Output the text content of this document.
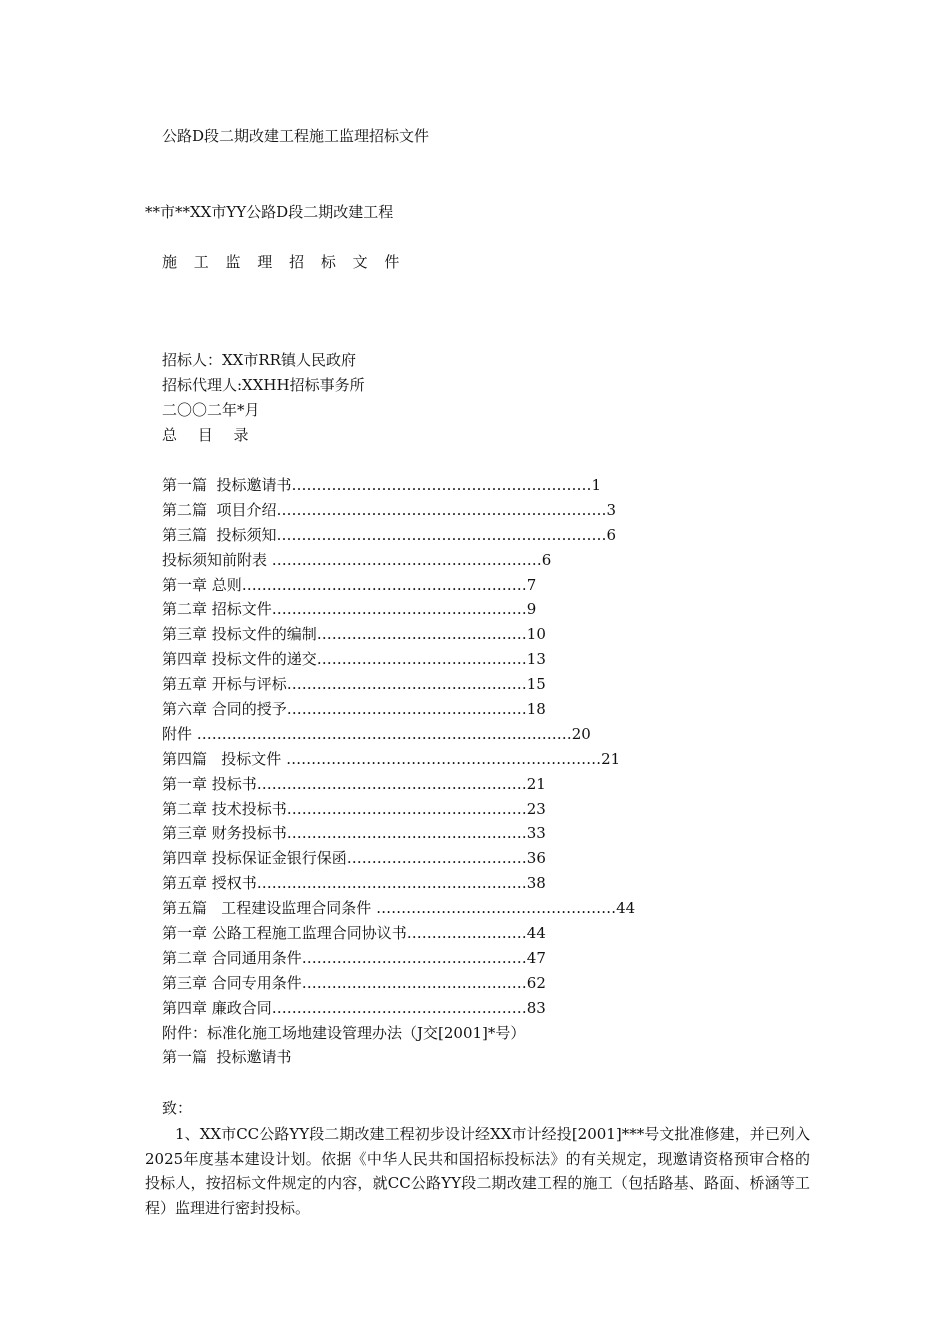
公路D段二期改建工程施工监理招标文件
**市**XX市YY公路D段二期改建工程
施 工 监 理 招 标 文 件
招标人：XX市RR镇人民政府
招标代理人:XXHH招标事务所
二〇〇二年*月
总 目 录
第一篇  投标邀请书……………………………………………………1
第二篇  项目介绍…………………………………………………………3
第三篇  投标须知…………………………………………………………6
投标须知前附表 ………………………………………………6
第一章 总则…………………………………………………7
第二章 招标文件……………………………………………9
第三章 投标文件的编制……………………………………10
第四章 投标文件的递交……………………………………13
第五章 开标与评标…………………………………………15
第六章 合同的授予…………………………………………18
附件 …………………………………………………………………20
第四篇   投标文件 ………………………………………………………21
第一章 投标书………………………………………………21
第二章 技术投标书…………………………………………23
第三章 财务投标书…………………………………………33
第四章 投标保证金银行保函………………………………36
第五章 授权书………………………………………………38
第五篇   工程建设监理合同条件 …………………………………………44
第一章 公路工程施工监理合同协议书……………………44
第二章 合同通用条件………………………………………47
第三章 合同专用条件………………………………………62
第四章 廉政合同……………………………………………83
附件：标准化施工场地建设管理办法（J交[2001]*号）
第一篇  投标邀请书
致：

1、XX市CC公路YY段二期改建工程初步设计经XX市计经投[2001]***号文批准修建，并已列入2025年度基本建设计划。依据《中华人民共和国招标投标法》的有关规定，现邀请资格预审合格的投标人，按招标文件规定的内容，就CC公路YY段二期改建工程的施工（包括路基、路面、桥涵等工程）监理进行密封投标。
